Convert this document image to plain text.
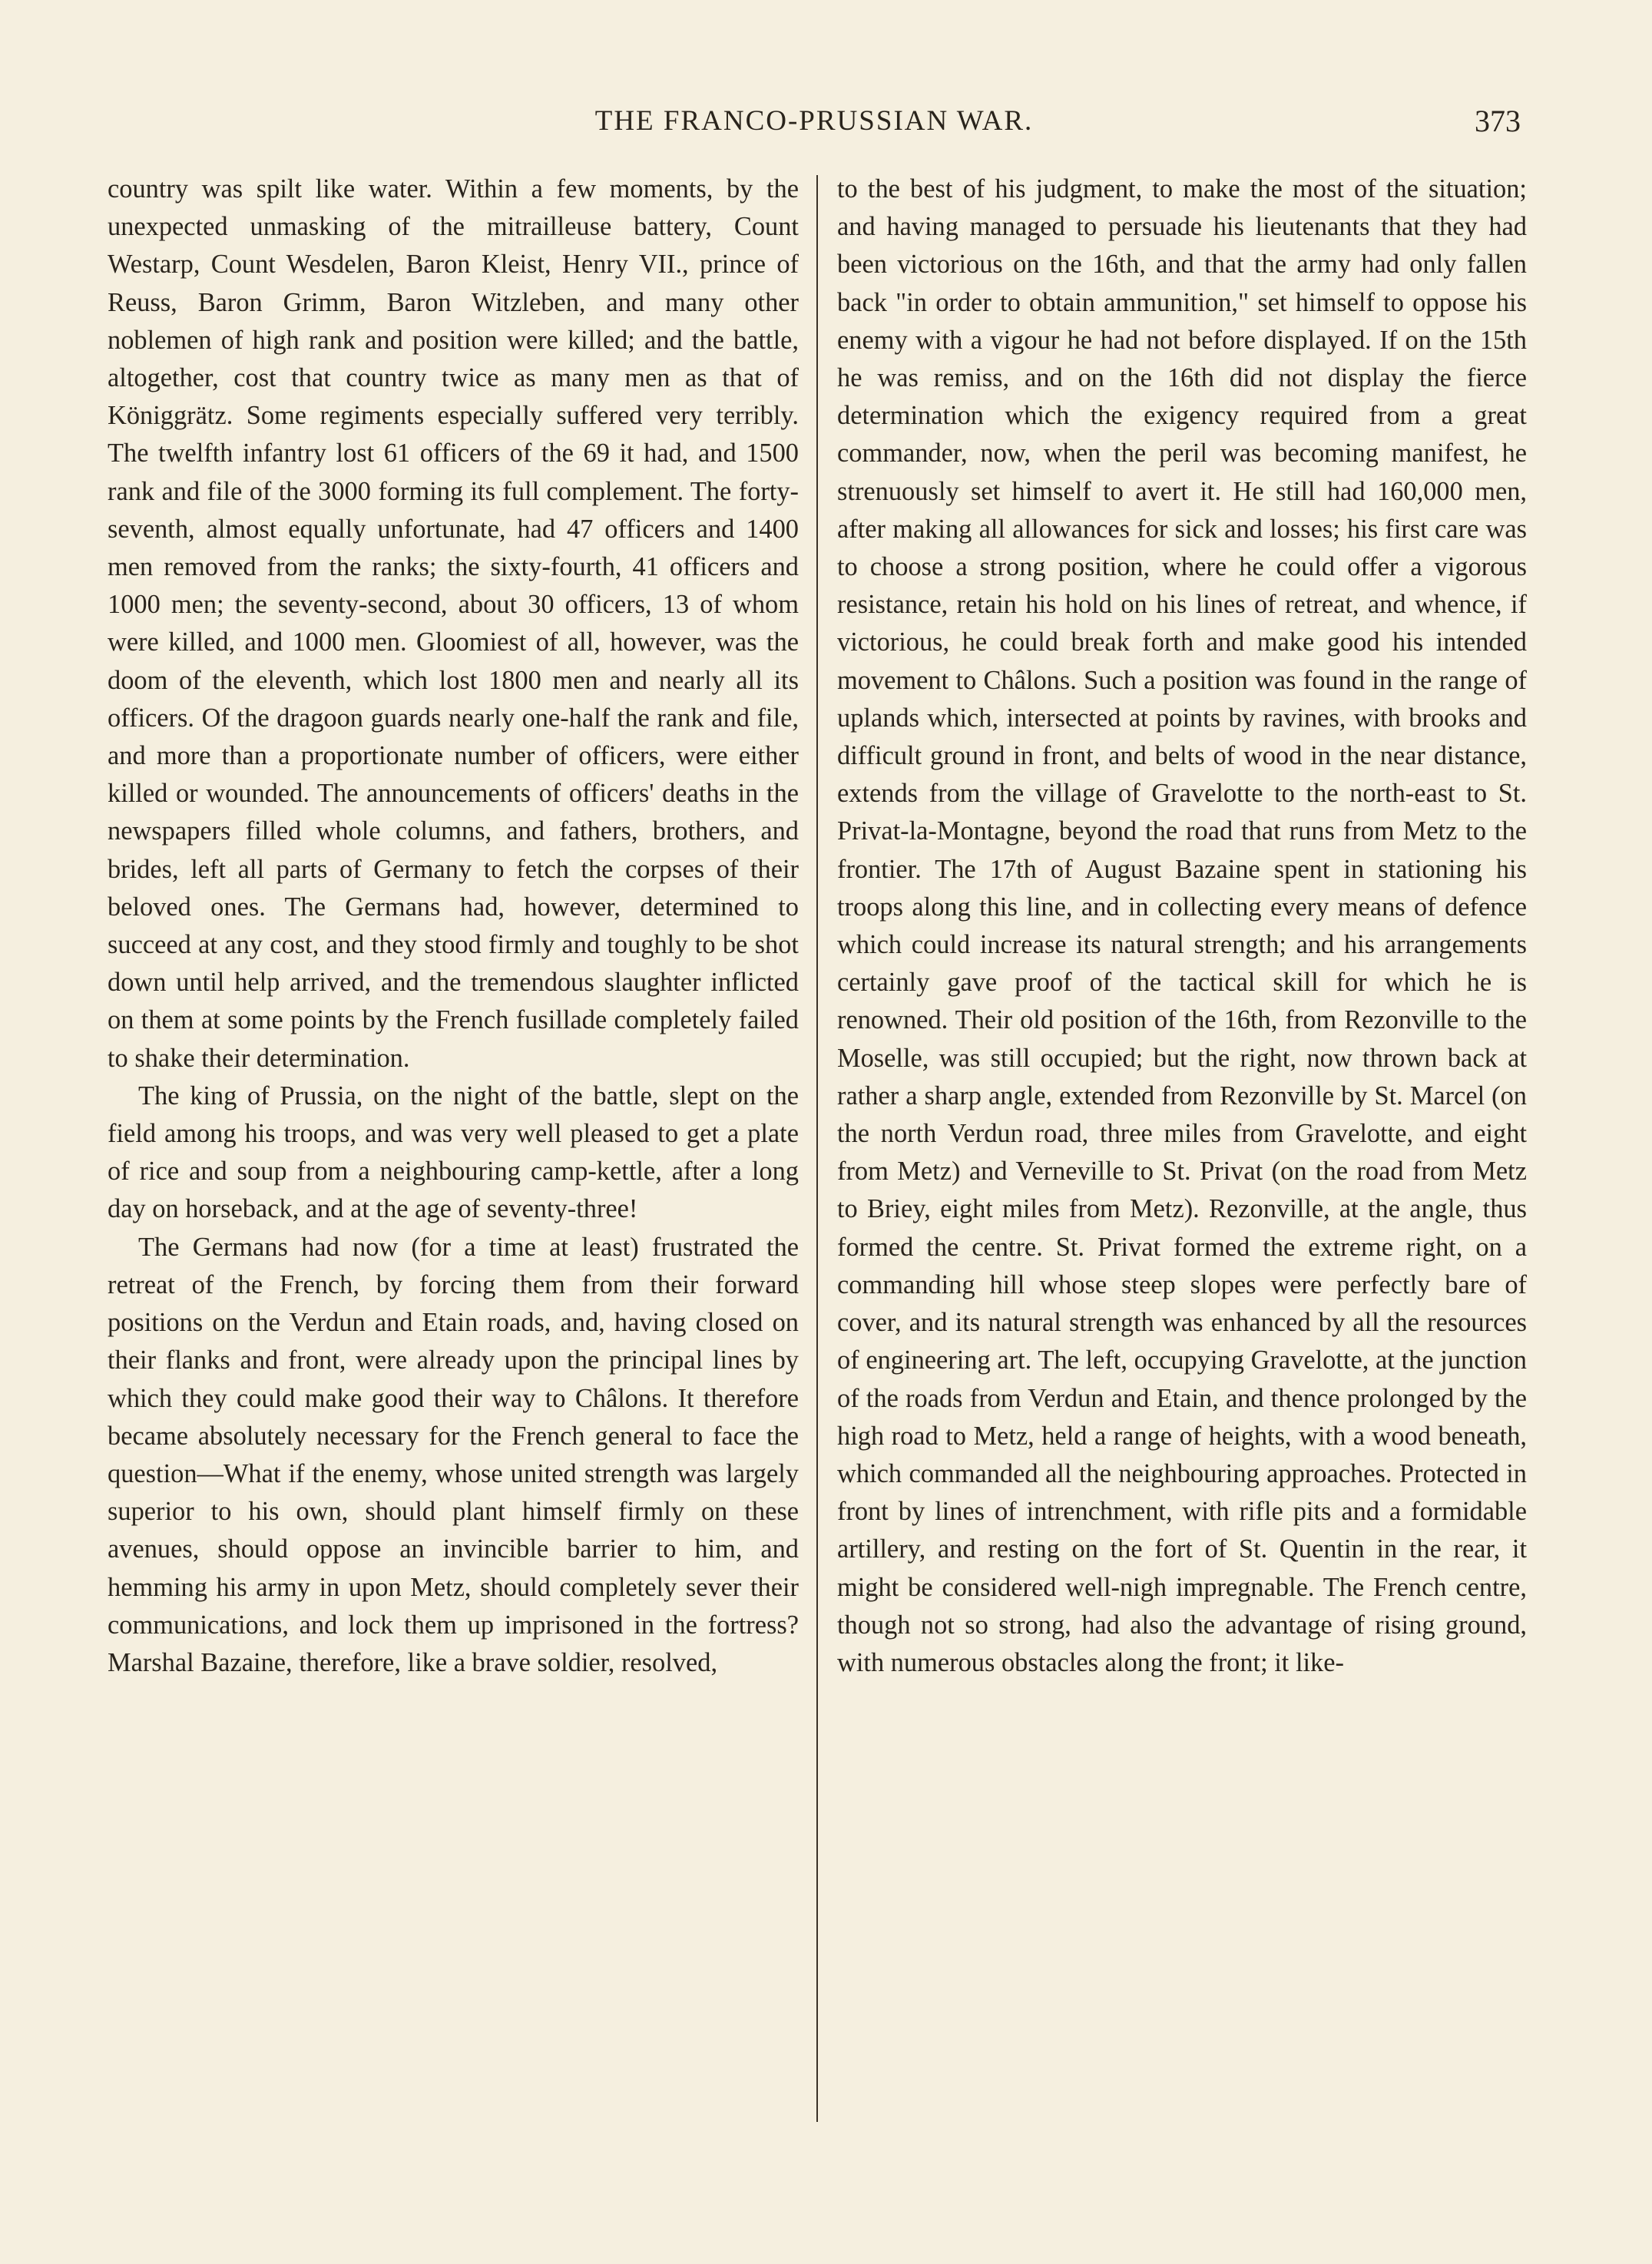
THE FRANCO-PRUSSIAN WAR.	373

country was spilt like water. Within a few moments, by the unexpected unmasking of the mitrailleuse battery, Count Westarp, Count Wesdelen, Baron Kleist, Henry VII., prince of Reuss, Baron Grimm, Baron Witzleben, and many other noblemen of high rank and position were killed; and the battle, altogether, cost that country twice as many men as that of Königgrätz. Some regiments especially suffered very terribly. The twelfth infantry lost 61 officers of the 69 it had, and 1500 rank and file of the 3000 forming its full complement. The forty-seventh, almost equally unfortunate, had 47 officers and 1400 men removed from the ranks; the sixty-fourth, 41 officers and 1000 men; the seventy-second, about 30 officers, 13 of whom were killed, and 1000 men. Gloomiest of all, however, was the doom of the eleventh, which lost 1800 men and nearly all its officers. Of the dragoon guards nearly one-half the rank and file, and more than a proportionate number of officers, were either killed or wounded. The announcements of officers' deaths in the newspapers filled whole columns, and fathers, brothers, and brides, left all parts of Germany to fetch the corpses of their beloved ones. The Germans had, however, determined to succeed at any cost, and they stood firmly and toughly to be shot down until help arrived, and the tremendous slaughter inflicted on them at some points by the French fusillade completely failed to shake their determination.

The king of Prussia, on the night of the battle, slept on the field among his troops, and was very well pleased to get a plate of rice and soup from a neighbouring camp-kettle, after a long day on horseback, and at the age of seventy-three!

The Germans had now (for a time at least) frustrated the retreat of the French, by forcing them from their forward positions on the Verdun and Etain roads, and, having closed on their flanks and front, were already upon the principal lines by which they could make good their way to Châlons. It therefore became absolutely necessary for the French general to face the question—What if the enemy, whose united strength was largely superior to his own, should plant himself firmly on these avenues, should oppose an invincible barrier to him, and hemming his army in upon Metz, should completely sever their communications, and lock them up imprisoned in the fortress? Marshal Bazaine, therefore, like a brave soldier, resolved,

to the best of his judgment, to make the most of the situation; and having managed to persuade his lieutenants that they had been victorious on the 16th, and that the army had only fallen back "in order to obtain ammunition," set himself to oppose his enemy with a vigour he had not before displayed. If on the 15th he was remiss, and on the 16th did not display the fierce determination which the exigency required from a great commander, now, when the peril was becoming manifest, he strenuously set himself to avert it. He still had 160,000 men, after making all allowances for sick and losses; his first care was to choose a strong position, where he could offer a vigorous resistance, retain his hold on his lines of retreat, and whence, if victorious, he could break forth and make good his intended movement to Châlons. Such a position was found in the range of uplands which, intersected at points by ravines, with brooks and difficult ground in front, and belts of wood in the near distance, extends from the village of Gravelotte to the north-east to St. Privat-la-Montagne, beyond the road that runs from Metz to the frontier. The 17th of August Bazaine spent in stationing his troops along this line, and in collecting every means of defence which could increase its natural strength; and his arrangements certainly gave proof of the tactical skill for which he is renowned. Their old position of the 16th, from Rezonville to the Moselle, was still occupied; but the right, now thrown back at rather a sharp angle, extended from Rezonville by St. Marcel (on the north Verdun road, three miles from Gravelotte, and eight from Metz) and Verneville to St. Privat (on the road from Metz to Briey, eight miles from Metz). Rezonville, at the angle, thus formed the centre. St. Privat formed the extreme right, on a commanding hill whose steep slopes were perfectly bare of cover, and its natural strength was enhanced by all the resources of engineering art. The left, occupying Gravelotte, at the junction of the roads from Verdun and Etain, and thence prolonged by the high road to Metz, held a range of heights, with a wood beneath, which commanded all the neighbouring approaches. Protected in front by lines of intrenchment, with rifle pits and a formidable artillery, and resting on the fort of St. Quentin in the rear, it might be considered well-nigh impregnable. The French centre, though not so strong, had also the advantage of rising ground, with numerous obstacles along the front; it like-
